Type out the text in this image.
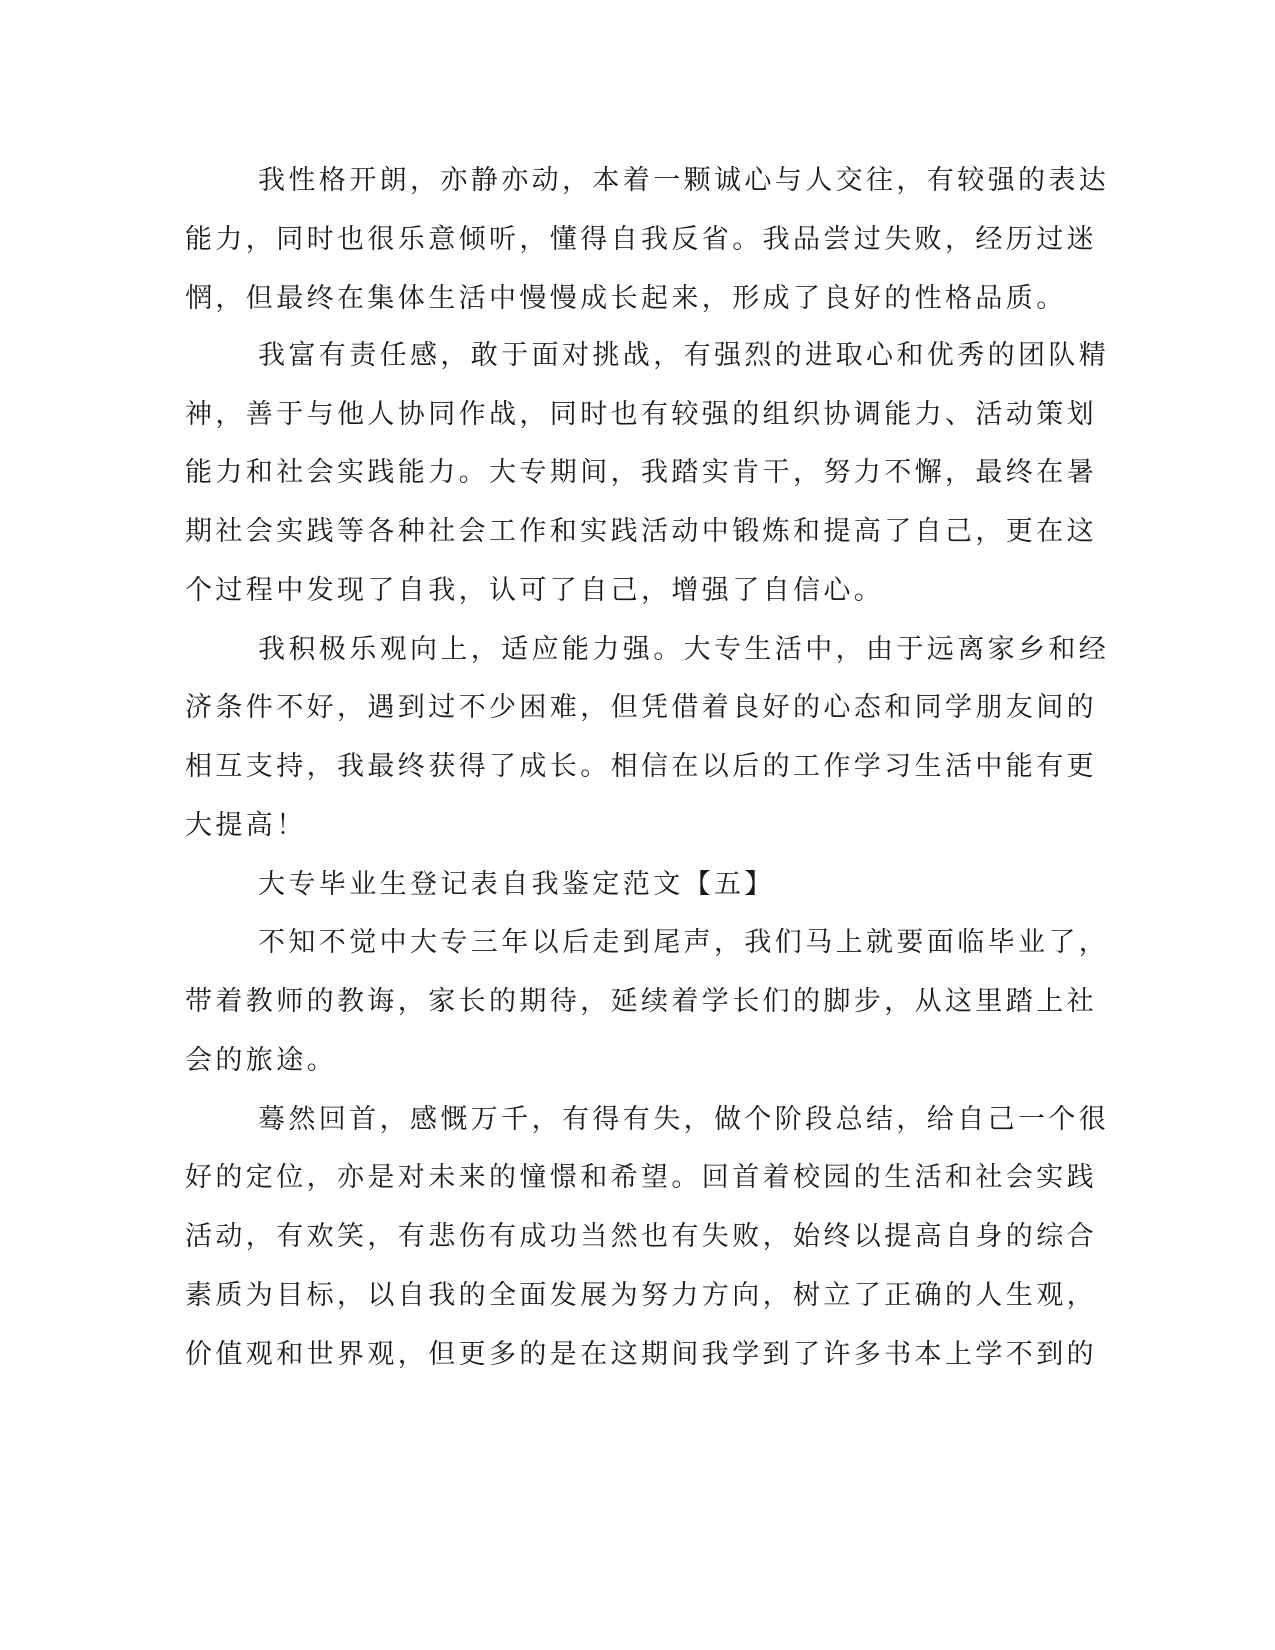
我性格开朗，亦静亦动，本着一颗诚心与人交往，有较强的表达

能力，同时也很乐意倾听，懂得自我反省。我品尝过失败，经历过迷

惘，但最终在集体生活中慢慢成长起来，形成了良好的性格品质。

我富有责任感，敢于面对挑战，有强烈的进取心和优秀的团队精

神，善于与他人协同作战，同时也有较强的组织协调能力、活动策划

能力和社会实践能力。大专期间，我踏实肯干，努力不懈，最终在暑

期社会实践等各种社会工作和实践活动中锻炼和提高了自己，更在这

个过程中发现了自我，认可了自己，增强了自信心。

我积极乐观向上，适应能力强。大专生活中，由于远离家乡和经

济条件不好，遇到过不少困难，但凭借着良好的心态和同学朋友间的

相互支持，我最终获得了成长。相信在以后的工作学习生活中能有更

大提高！

大专毕业生登记表自我鉴定范文【五】

不知不觉中大专三年以后走到尾声，我们马上就要面临毕业了，

带着教师的教诲，家长的期待，延续着学长们的脚步，从这里踏上社

会的旅途。

蓦然回首，感慨万千，有得有失，做个阶段总结，给自己一个很

好的定位，亦是对未来的憧憬和希望。回首着校园的生活和社会实践

活动，有欢笑，有悲伤有成功当然也有失败，始终以提高自身的综合

素质为目标，以自我的全面发展为努力方向，树立了正确的人生观，

价值观和世界观，但更多的是在这期间我学到了许多书本上学不到的
